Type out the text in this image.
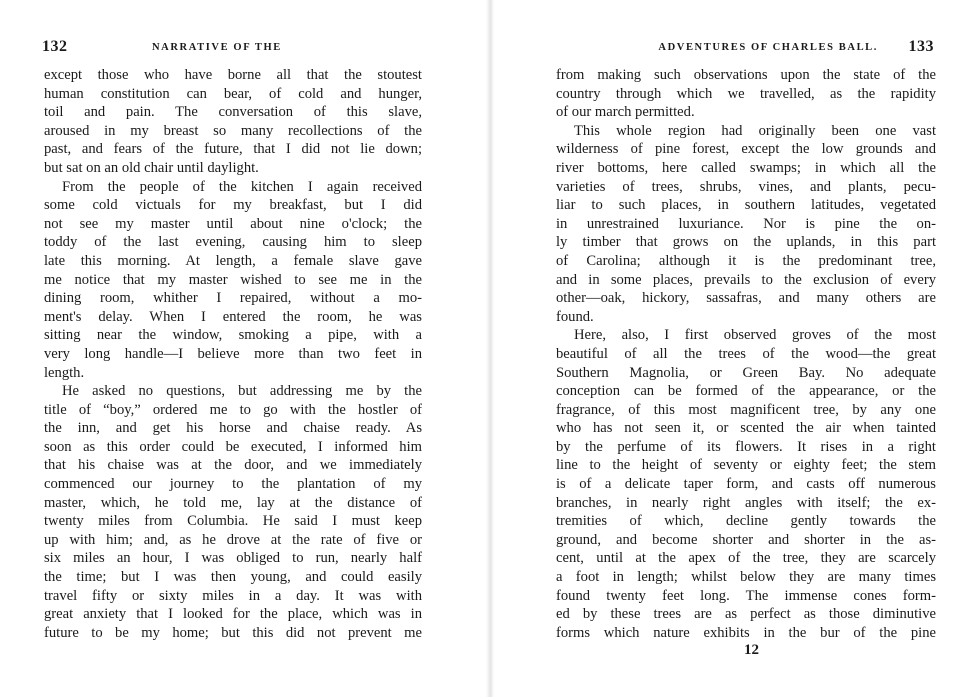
132	NARRATIVE OF THE
except those who have borne all that the stoutest
human constitution can bear, of cold and hunger,
toil and pain. The conversation of this slave,
aroused in my breast so many recollections of the
past, and fears of the future, that I did not lie down;
but sat on an old chair until daylight.
From the people of the kitchen I again received
some cold victuals for my breakfast, but I did
not see my master until about nine o'clock; the
toddy of the last evening, causing him to sleep
late this morning. At length, a female slave gave
me notice that my master wished to see me in the
dining room, whither I repaired, without a mo-
ment's delay. When I entered the room, he was
sitting near the window, smoking a pipe, with a
very long handle—I believe more than two feet in
length.
He asked no questions, but addressing me by the
title of “boy,” ordered me to go with the hostler of
the inn, and get his horse and chaise ready. As
soon as this order could be executed, I informed him
that his chaise was at the door, and we immediately
commenced our journey to the plantation of my
master, which, he told me, lay at the distance of
twenty miles from Columbia. He said I must keep
up with him; and, as he drove at the rate of five or
six miles an hour, I was obliged to run, nearly half
the time; but I was then young, and could easily
travel fifty or sixty miles in a day. It was with
great anxiety that I looked for the place, which was in
future to be my home; but this did not prevent me
133
ADVENTURES OF CHARLES BALL.
from making such observations upon the state of the
country through which we travelled, as the rapidity
of our march permitted.
This whole region had originally been one vast
wilderness of pine forest, except the low grounds and
river bottoms, here called swamps; in which all the
varieties of trees, shrubs, vines, and plants, pecu-
liar to such places, in southern latitudes, vegetated
in unrestrained luxuriance. Nor is pine the on-
ly timber that grows on the uplands, in this part
of Carolina; although it is the predominant tree,
and in some places, prevails to the exclusion of every
other—oak, hickory, sassafras, and many others are
found.
Here, also, I first observed groves of the most
beautiful of all the trees of the wood—the great
Southern Magnolia, or Green Bay. No adequate
conception can be formed of the appearance, or the
fragrance, of this most magnificent tree, by any one
who has not seen it, or scented the air when tainted
by the perfume of its flowers. It rises in a right
line to the height of seventy or eighty feet; the stem
is of a delicate taper form, and casts off numerous
branches, in nearly right angles with itself; the ex-
tremities of which, decline gently towards the
ground, and become shorter and shorter in the as-
cent, until at the apex of the tree, they are scarcely
a foot in length; whilst below they are many times
found twenty feet long. The immense cones form-
ed by these trees are as perfect as those diminutive
forms which nature exhibits in the bur of the pine
12
